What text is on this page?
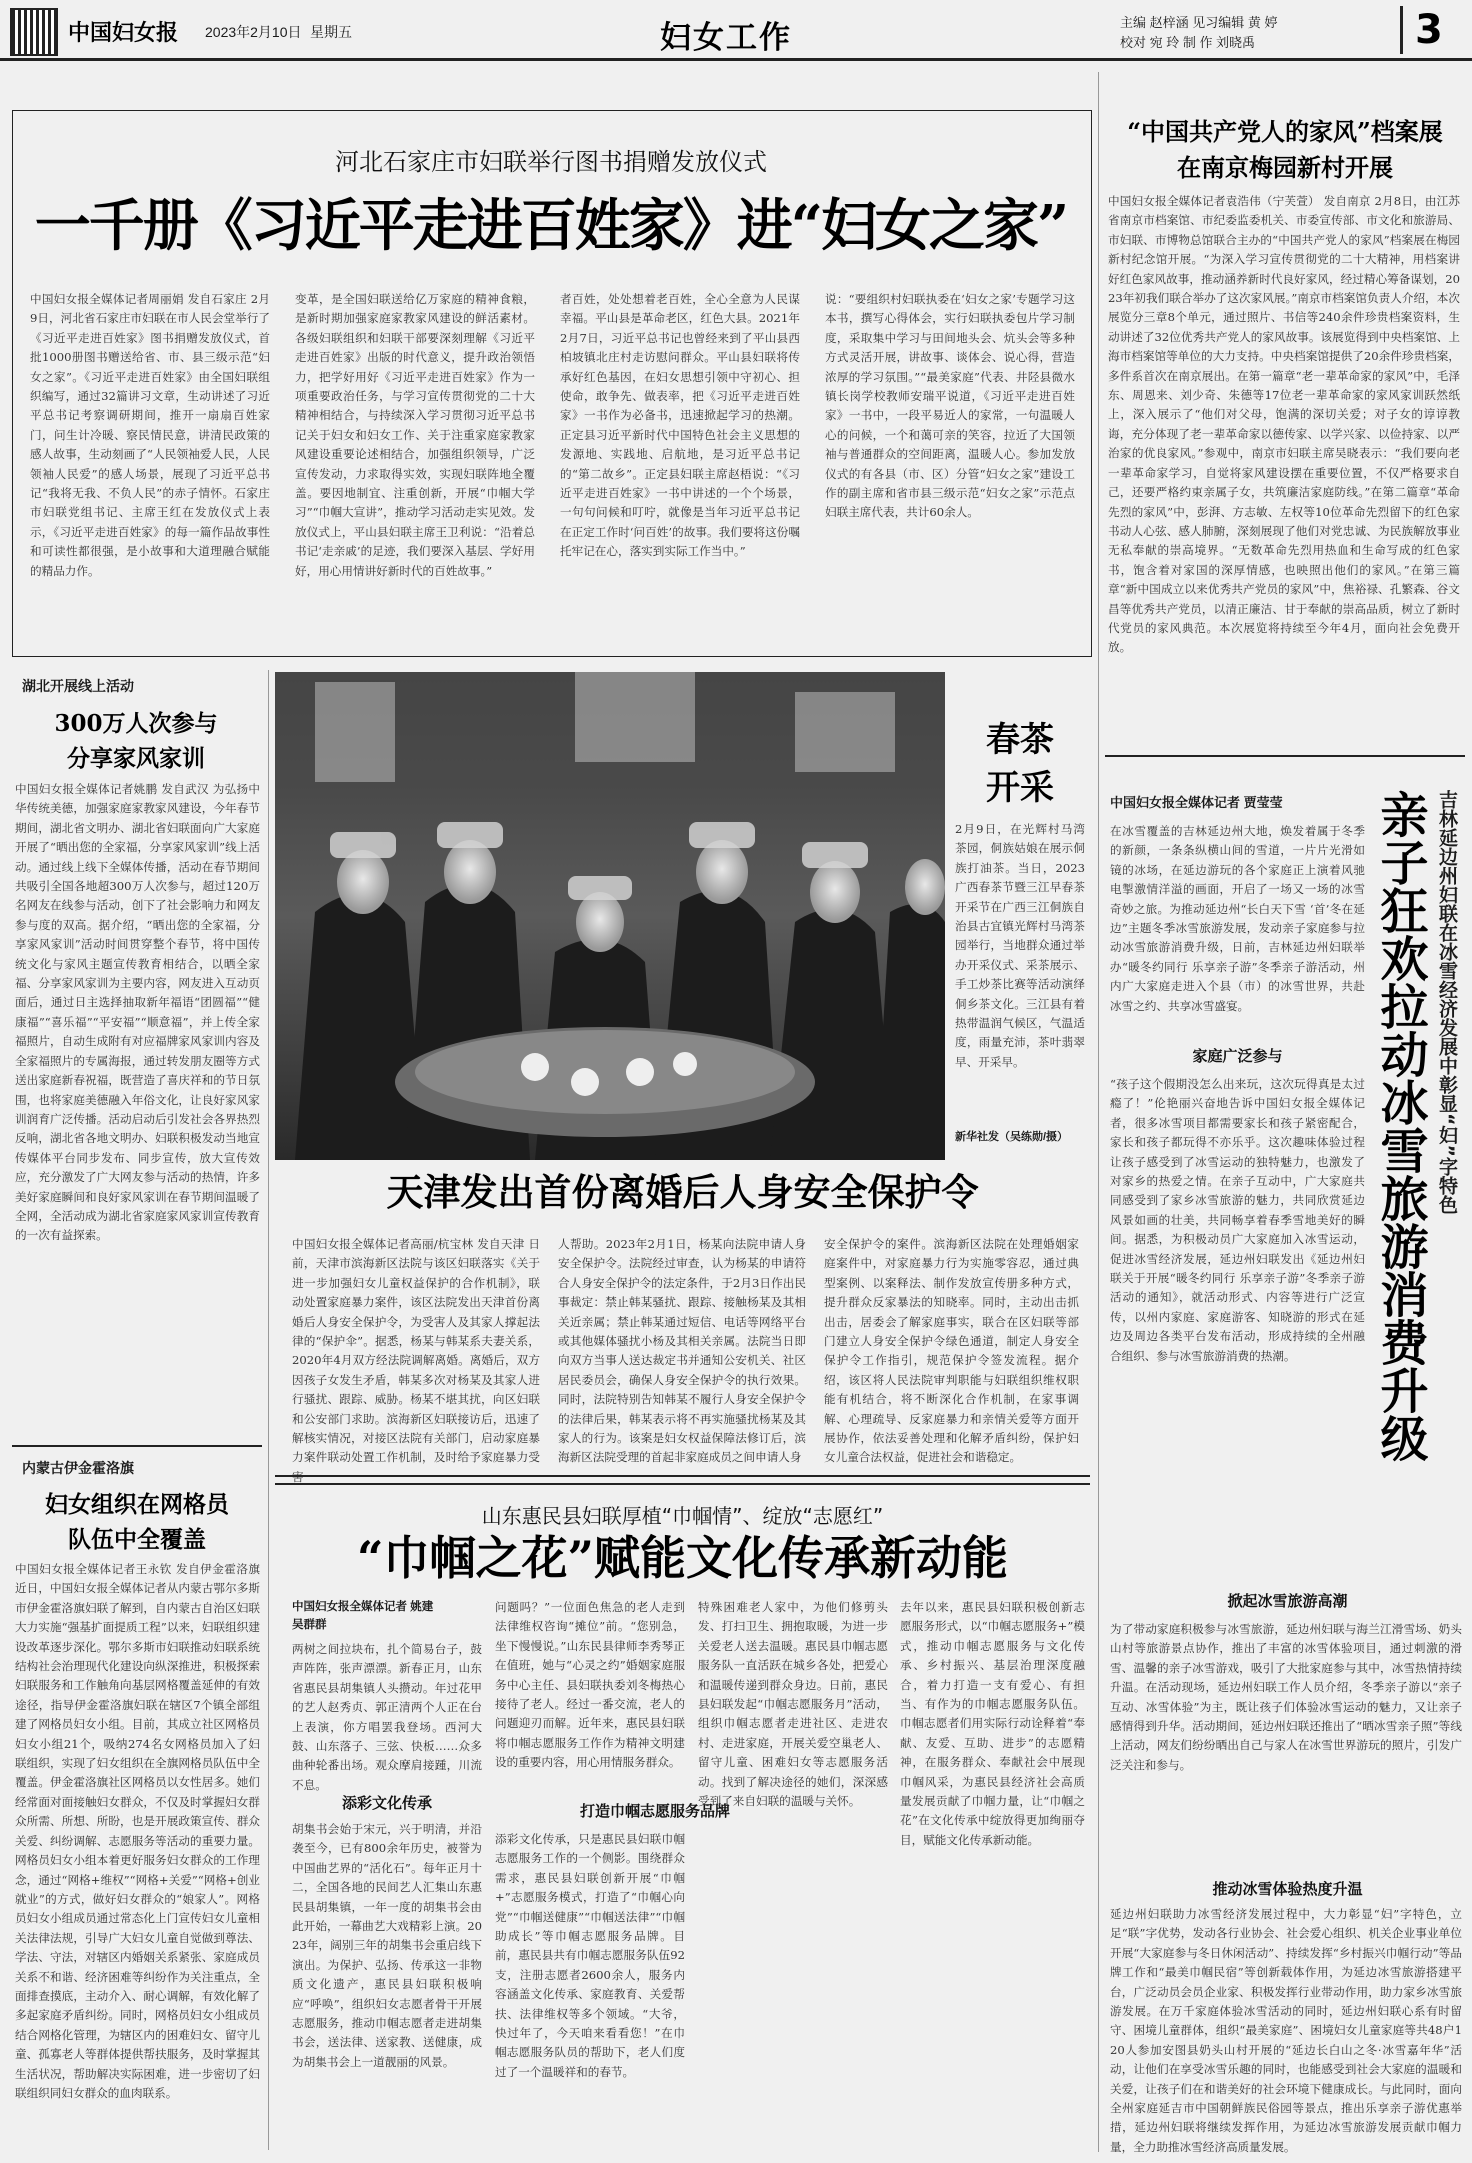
中国妇女报 2023年2月10日 星期五	妇女工作	主编 赵梓涵 见习编辑 黄 婷
校对 宛 玲 制 作 刘晓禹	3
河北石家庄市妇联举行图书捐赠发放仪式
一千册《习近平走进百姓家》进“妇女之家”
中国妇女报全媒体记者周丽娟 发自石家庄 2月9日，河北省石家庄市妇联在市人民会堂举行了《习近平走进百姓家》图书捐赠发放仪式，首批1000册图书赠送给省、市、县三级示范“妇女之家”。《习近平走进百姓家》由全国妇联组织编写，通过32篇讲习文章，生动讲述了习近平总书记考察调研期间，推开一扇扇百姓家门，问生计冷暖、察民情民意，讲清民政策的感人故事，生动刻画了“人民领袖爱人民，人民领袖人民爱”的感人场景，展现了习近平总书记“我将无我、不负人民”的赤子情怀。石家庄市妇联党组书记、主席王红在发放仪式上表示，《习近平走进百姓家》的每一篇作品故事性和可读性都很强，是小故事和大道理融合赋能的精品力作。
变革，是全国妇联送给亿万家庭的精神食粮，是新时期加强家庭家教家风建设的鲜活素材。各级妇联组织和妇联干部要深刻理解《习近平走进百姓家》出版的时代意义，提升政治领悟力，把学好用好《习近平走进百姓家》作为一项重要政治任务，与学习宣传贯彻党的二十大精神相结合，与持续深入学习贯彻习近平总书记关于妇女和妇女工作、关于注重家庭家教家风建设重要论述相结合，加强组织领导，广泛宣传发动，力求取得实效，实现妇联阵地全覆盖。要因地制宜、注重创新，开展“巾帼大学习”“巾帼大宣讲”，推动学习活动走实见效。发放仪式上，平山县妇联主席王卫利说：“沿着总书记‘走亲戚’的足迹，我们要深入基层、学好用好，用心用情讲好新时代的百姓故事。”
者百姓，处处想着老百姓，全心全意为人民谋幸福。平山县是革命老区，红色大县。2021年2月7日，习近平总书记也曾经来到了平山县西柏坡镇北庄村走访慰问群众。平山县妇联将传承好红色基因，在妇女思想引领中守初心、担使命，敢争先、做表率，把《习近平走进百姓家》一书作为必备书，迅速掀起学习的热潮。正定县习近平新时代中国特色社会主义思想的发源地、实践地、启航地，是习近平总书记的“第二故乡”。正定县妇联主席赵梧说：“《习近平走进百姓家》一书中讲述的一个个场景，一句句问候和叮咛，就像是当年习近平总书记在正定工作时‘问百姓’的故事。我们要将这份嘱托牢记在心，落实到实际工作当中。”
说：“要组织村妇联执委在‘妇女之家’专题学习这本书，撰写心得体会，实行妇联执委包片学习制度，采取集中学习与田间地头会、炕头会等多种方式灵活开展，讲故事、谈体会、说心得，营造浓厚的学习氛围。”“最美家庭”代表、井陉县微水镇长岗学校教师安瑞平说道，《习近平走进百姓家》一书中，一段平易近人的家常，一句温暖人心的问候，一个和蔼可亲的笑容，拉近了大国领袖与普通群众的空间距离，温暖人心。参加发放仪式的有各县（市、区）分管“妇女之家”建设工作的副主席和省市县三级示范“妇女之家”示范点妇联主席代表，共计60余人。
“中国共产党人的家风”档案展
在南京梅园新村开展
中国妇女报全媒体记者袁浩伟（宁芙萱） 发自南京 2月8日，由江苏省南京市档案馆、市纪委监委机关、市委宣传部、市文化和旅游局、市妇联、市博物总馆联合主办的“中国共产党人的家风”档案展在梅园新村纪念馆开展。“为深入学习宣传贯彻党的二十大精神，用档案讲好红色家风故事，推动涵养新时代良好家风，经过精心筹备谋划，2023年初我们联合举办了这次家风展。”南京市档案馆负责人介绍，本次展览分三章8个单元，通过照片、书信等240余件珍贵档案资料，生动讲述了32位优秀共产党人的家风故事。该展览得到中央档案馆、上海市档案馆等单位的大力支持。中央档案馆提供了20余件珍贵档案，多件系首次在南京展出。在第一篇章“老一辈革命家的家风”中，毛泽东、周恩来、刘少奇、朱德等17位老一辈革命家的家风家训跃然纸上，深入展示了“他们对父母，饱满的深切关爱；对子女的谆谆教诲，充分体现了老一辈革命家以德传家、以学兴家、以俭持家、以严治家的优良家风。”参观中，南京市妇联主席吴晓表示：“我们要向老一辈革命家学习，自觉将家风建设摆在重要位置，不仅严格要求自己，还要严格约束亲属子女，共筑廉洁家庭防线。”在第二篇章“革命先烈的家风”中，彭湃、方志敏、左权等10位革命先烈留下的红色家书动人心弦、感人肺腑，深刻展现了他们对党忠诚、为民族解放事业无私奉献的崇高境界。“无数革命先烈用热血和生命写成的红色家书，饱含着对家国的深厚情感，也映照出他们的家风。”在第三篇章“新中国成立以来优秀共产党员的家风”中，焦裕禄、孔繁森、谷文昌等优秀共产党员，以清正廉洁、甘于奉献的崇高品质，树立了新时代党员的家风典范。本次展览将持续至今年4月，面向社会免费开放。
湖北开展线上活动
300万人次参与
分享家风家训
中国妇女报全媒体记者姚鹏 发自武汉 为弘扬中华传统美德，加强家庭家教家风建设，今年春节期间，湖北省文明办、湖北省妇联面向广大家庭开展了“晒出您的全家福，分享家风家训”线上活动。通过线上线下全媒体传播，活动在春节期间共吸引全国各地超300万人次参与，超过120万名网友在线参与活动，创下了社会影响力和网友参与度的双高。据介绍，“晒出您的全家福，分享家风家训”活动时间贯穿整个春节，将中国传统文化与家风主题宣传教育相结合，以晒全家福、分享家风家训为主要内容，网友进入互动页面后，通过日主选择抽取新年福语“团圆福”“健康福”“喜乐福”“平安福”“顺意福”，并上传全家福照片，自动生成附有对应福牌家风家训内容及全家福照片的专属海报，通过转发朋友圈等方式送出家庭新春祝福，既营造了喜庆祥和的节日氛围，也将家庭美德融入年俗文化，让良好家风家训润育广泛传播。活动启动后引发社会各界热烈反响，湖北省各地文明办、妇联积极发动当地宣传媒体平台同步发布、同步宣传，放大宣传效应，充分激发了广大网友参与活动的热情，许多美好家庭瞬间和良好家风家训在春节期间温暖了全网，全活动成为湖北省家庭家风家训宣传教育的一次有益探索。
春茶
开采
2月9日，在光辉村马湾茶园，侗族姑娘在展示侗族打油茶。当日，2023广西春茶节暨三江早春茶开采节在广西三江侗族自治县古宜镇光辉村马湾茶园举行，当地群众通过举办开采仪式、采茶展示、手工炒茶比赛等活动演绎侗乡茶文化。三江县有着热带温润气候区，气温适度，雨量充沛，茶叶翡翠早、开采早。
新华社发（吴练勋/摄）
天津发出首份离婚后人身安全保护令
中国妇女报全媒体记者高丽/杭宝林 发自天津 日前，天津市滨海新区法院与该区妇联落实《关于进一步加强妇女儿童权益保护的合作机制》，联动处置家庭暴力案件，该区法院发出天津首份离婚后人身安全保护令，为受害人及其家人撑起法律的“保护伞”。据悉，杨某与韩某系夫妻关系，2020年4月双方经法院调解离婚。离婚后，双方因孩子女发生矛盾，韩某多次对杨某及其家人进行骚扰、跟踪、威胁。杨某不堪其扰，向区妇联和公安部门求助。滨海新区妇联接访后，迅速了解核实情况，对接区法院有关部门，启动家庭暴力案件联动处置工作机制，及时给予家庭暴力受
人帮助。2023年2月1日，杨某向法院申请人身安全保护令。法院经过审查，认为杨某的申请符合人身安全保护令的法定条件，于2月3日作出民事裁定：禁止韩某骚扰、跟踪、接触杨某及其相关近亲属；禁止韩某通过短信、电话等网络平台或其他媒体骚扰小杨及其相关亲属。法院当日即向双方当事人送达裁定书并通知公安机关、社区居民委员会，确保人身安全保护令的执行效果。同时，法院特别告知韩某不履行人身安全保护令的法律后果，韩某表示将不再实施骚扰杨某及其家人的行为。该案是妇女权益保障法修订后，滨海新区法院受理的首起非家庭成员之间申请人身
安全保护令的案件。滨海新区法院在处理婚姻家庭案件中，对家庭暴力行为实施零容忍，通过典型案例、以案释法、制作发放宣传册多种方式，提升群众反家暴法的知晓率。同时，主动出击抓出击，居委会了解家庭事实，联合在区妇联等部门建立人身安全保护令绿色通道，制定人身安全保护令工作指引，规范保护令签发流程。据介绍，该区将人民法院审判职能与妇联组织维权职能有机结合，将不断深化合作机制，在家事调解、心理疏导、反家庭暴力和亲情关爱等方面开展协作，依法妥善处理和化解矛盾纠纷，保护妇女儿童合法权益，促进社会和谐稳定。
中国妇女报全媒体记者 贾莹莹	吉林延边州妇联在冰雪经济发展中彰显“妇”字特色
亲子狂欢拉动冰雪旅游消费升级
在冰雪覆盖的吉林延边州大地，焕发着属于冬季的新颜，一条条纵横山间的雪道，一片片光滑如镜的冰场，在延边游玩的各个家庭正上演着风驰电掣激情洋溢的画面，开启了一场又一场的冰雪奇妙之旅。为推动延边州“长白天下雪 ‘首’冬在延边”主题冬季冰雪旅游发展，发动亲子家庭参与拉动冰雪旅游消费升级，日前，吉林延边州妇联举办“暖冬约同行 乐享亲子游”冬季亲子游活动，州内广大家庭走进入个县（市）的冰雪世界，共赴冰雪之约、共享冰雪盛宴。
家庭广泛参与
“孩子这个假期没怎么出来玩，这次玩得真是太过瘾了！”伦艳丽兴奋地告诉中国妇女报全媒体记者，很多冰雪项目都需要家长和孩子紧密配合，家长和孩子都玩得不亦乐乎。这次趣味体验过程让孩子感受到了冰雪运动的独特魅力，也激发了对家乡的热爱之情。在亲子互动中，广大家庭共同感受到了家乡冰雪旅游的魅力，共同欣赏延边风景如画的壮美，共同畅享着春季雪地美好的瞬间。据悉，为积极动员广大家庭加入冰雪运动，促进冰雪经济发展，延边州妇联发出《延边州妇联关于开展“暖冬约同行 乐享亲子游”冬季亲子游活动的通知》，就活动形式、内容等进行广泛宣传，以州内家庭、家庭游客、知晓游的形式在延边及周边各类平台发布活动，形成持续的全州融合组织、参与冰雪旅游消费的热潮。
掀起冰雪旅游高潮
为了带动家庭积极参与冰雪旅游，延边州妇联与海兰江滑雪场、奶头山村等旅游景点协作，推出了丰富的冰雪体验项目，通过刺激的滑雪、温馨的亲子冰雪游戏，吸引了大批家庭参与其中，冰雪热情持续升温。在活动现场，延边州妇联工作人员介绍，冬季亲子游以“亲子互动、冰雪体验”为主，既让孩子们体验冰雪运动的魅力，又让亲子感情得到升华。活动期间，延边州妇联还推出了“晒冰雪亲子照”等线上活动，网友们纷纷晒出自己与家人在冰雪世界游玩的照片，引发广泛关注和参与。
推动冰雪体验热度升温
延边州妇联助力冰雪经济发展过程中，大力彰显“妇”字特色，立足“联”字优势，发动各行业协会、社会爱心组织、机关企业事业单位开展“大家庭参与冬日休闲活动”、持续发挥“乡村振兴巾帼行动”等品牌工作和“最美巾帼民宿”等创新载体作用，为延边冰雪旅游搭建平台，广泛动员会员企业家、积极发挥行业带动作用，助力家乡冰雪旅游发展。在万千家庭体验冰雪活动的同时，延边州妇联心系有时留守、困境儿童群体，组织“最美家庭”、困境妇女儿童家庭等共48户120人参加安图县奶头山村开展的“延边长白山之冬·冰雪嘉年华”活动，让他们在享受冰雪乐趣的同时，也能感受到社会大家庭的温暖和关爱，让孩子们在和谐美好的社会环境下健康成长。与此同时，面向全州家庭延吉市中国朝鲜族民俗园等景点，推出乐享亲子游优惠举措，延边州妇联将继续发挥作用，为延边冰雪旅游发展贡献巾帼力量，全力助推冰雪经济高质量发展。
内蒙古伊金霍洛旗
妇女组织在网格员
队伍中全覆盖
中国妇女报全媒体记者王永钦 发自伊金霍洛旗 近日，中国妇女报全媒体记者从内蒙古鄂尔多斯市伊金霍洛旗妇联了解到，自内蒙古自治区妇联大力实施“强基扩面提质工程”以来，妇联组织建设改革逐步深化。鄂尔多斯市妇联推动妇联系统结构社会治理现代化建设向纵深推进，积极探索妇联服务和工作触角向基层网格覆盖延伸的有效途径，指导伊金霍洛旗妇联在辖区7个镇全部组建了网格员妇女小组。目前，其成立社区网格员妇女小组21个，吸纳274名女网格员加入了妇联组织，实现了妇女组织在全旗网格员队伍中全覆盖。伊金霍洛旗社区网格员以女性居多。她们经常面对面接触妇女群众，不仅及时掌握妇女群众所需、所想、所盼，也是开展政策宣传、群众关爱、纠纷调解、志愿服务等活动的重要力量。网格员妇女小组本着更好服务妇女群众的工作理念，通过“网格+维权”“网格+关爱”“网格+创业就业”的方式，做好妇女群众的“娘家人”。网格员妇女小组成员通过常态化上门宣传妇女儿童相关法律法规，引导广大妇女儿童自觉做到尊法、学法、守法，对辖区内婚姻关系紧张、家庭成员关系不和谐、经济困难等纠纷作为关注重点，全面排查摸底，主动介入、耐心调解，有效化解了多起家庭矛盾纠纷。同时，网格员妇女小组成员结合网格化管理，为辖区内的困难妇女、留守儿童、孤寡老人等群体提供帮扶服务，及时掌握其生活状况，帮助解决实际困难，进一步密切了妇联组织同妇女群众的血肉联系。
山东惠民县妇联厚植“巾帼情”、绽放“志愿红”
“巾帼之花”赋能文化传承新动能
中国妇女报全媒体记者 姚建
吴群群
两树之间拉块布，扎个简易台子，鼓声阵阵，张声漂漂。新春正月，山东省惠民县胡集镇人头攒动。年过花甲的艺人赵秀贞、郭正清两个人正在台上表演，你方唱罢我登场。西河大鼓、山东落子、三弦、快板……众多曲种轮番出场。观众摩肩接踵，川流不息。
添彩文化传承
胡集书会始于宋元，兴于明清，并沿袭至今，已有800余年历史，被誉为中国曲艺界的“活化石”。每年正月十二，全国各地的民间艺人汇集山东惠民县胡集镇，一年一度的胡集书会由此开始，一幕曲艺大戏精彩上演。2023年，阔别三年的胡集书会重启线下演出。为保护、弘扬、传承这一非物质文化遗产，惠民县妇联积极响应“呼唤”，组织妇女志愿者骨干开展志愿服务，推动巾帼志愿者走进胡集书会，送法律、送家教、送健康，成为胡集书会上一道靓丽的风景。
问题吗？”一位面色焦急的老人走到法律维权咨询“摊位”前。“您别急，坐下慢慢说。”山东民县律师李秀琴正在值班，她与“心灵之约”婚姻家庭服务中心主任、县妇联执委刘冬梅热心接待了老人。经过一番交流，老人的问题迎刃而解。近年来，惠民县妇联将巾帼志愿服务工作作为精神文明建设的重要内容，用心用情服务群众。
打造巾帼志愿服务品牌
添彩文化传承，只是惠民县妇联巾帼志愿服务工作的一个侧影。围绕群众需求，惠民县妇联创新开展“巾帼+”志愿服务模式，打造了“巾帼心向党”“巾帼送健康”“巾帼送法律”“巾帼助成长”等巾帼志愿服务品牌。目前，惠民县共有巾帼志愿服务队伍92支，注册志愿者2600余人，服务内容涵盖文化传承、家庭教育、关爱帮扶、法律维权等多个领域。“大爷，快过年了，今天咱来看看您！”在巾帼志愿服务队员的帮助下，老人们度过了一个温暖祥和的春节。
特殊困难老人家中，为他们修剪头发、打扫卫生、拥抱取暖，为进一步关爱老人送去温暖。惠民县巾帼志愿服务队一直活跃在城乡各处，把爱心和温暖传递到群众身边。日前，惠民县妇联发起“巾帼志愿服务月”活动，组织巾帼志愿者走进社区、走进农村、走进家庭，开展关爱空巢老人、留守儿童、困难妇女等志愿服务活动。找到了解决途径的她们，深深感受到了来自妇联的温暖与关怀。
去年以来，惠民县妇联积极创新志愿服务形式，以“巾帼志愿服务+”模式，推动巾帼志愿服务与文化传承、乡村振兴、基层治理深度融合，着力打造一支有爱心、有担当、有作为的巾帼志愿服务队伍。巾帼志愿者们用实际行动诠释着“奉献、友爱、互助、进步”的志愿精神，在服务群众、奉献社会中展现巾帼风采，为惠民县经济社会高质量发展贡献了巾帼力量，让“巾帼之花”在文化传承中绽放得更加绚丽夺目，赋能文化传承新动能。
